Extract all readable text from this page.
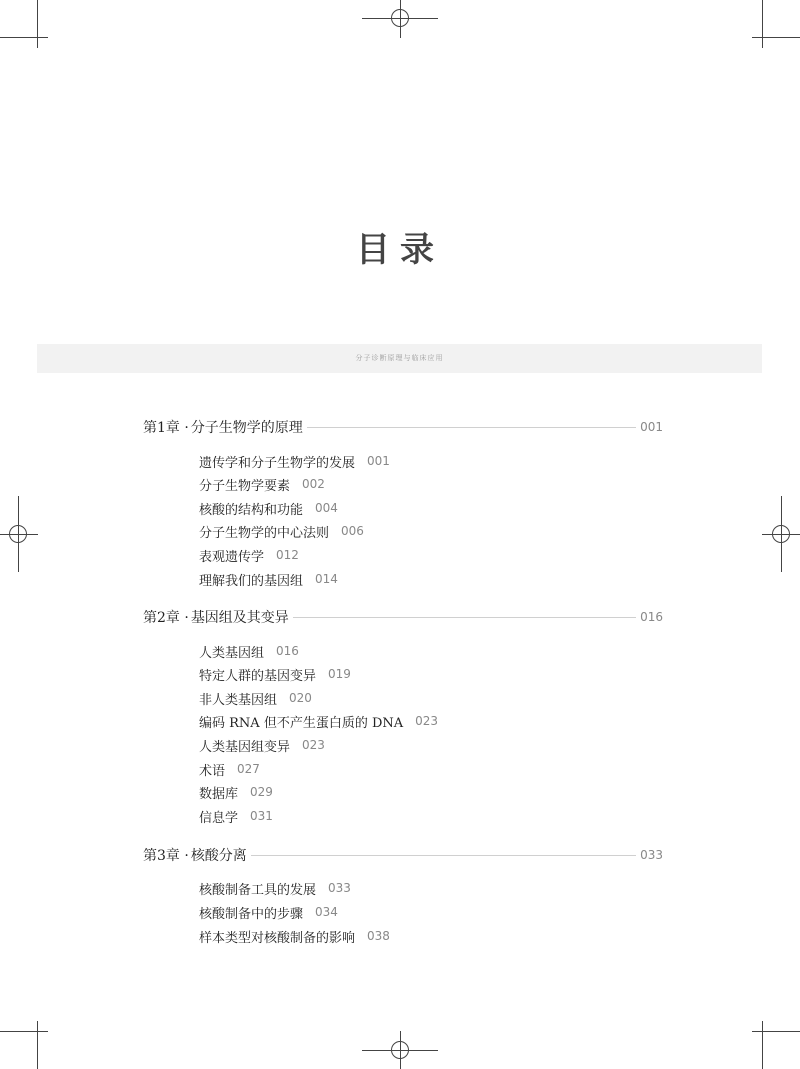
目录
分子诊断原理与临床应用
第1章 · 分子生物学的原理	001
遗传学和分子生物学的发展 001
分子生物学要素 002
核酸的结构和功能 004
分子生物学的中心法则 006
表观遗传学 012
理解我们的基因组 014
第2章 · 基因组及其变异	016
人类基因组 016
特定人群的基因变异 019
非人类基因组 020
编码 RNA 但不产生蛋白质的 DNA 023
人类基因组变异 023
术语 027
数据库 029
信息学 031
第3章 · 核酸分离	033
核酸制备工具的发展 033
核酸制备中的步骤 034
样本类型对核酸制备的影响 038
